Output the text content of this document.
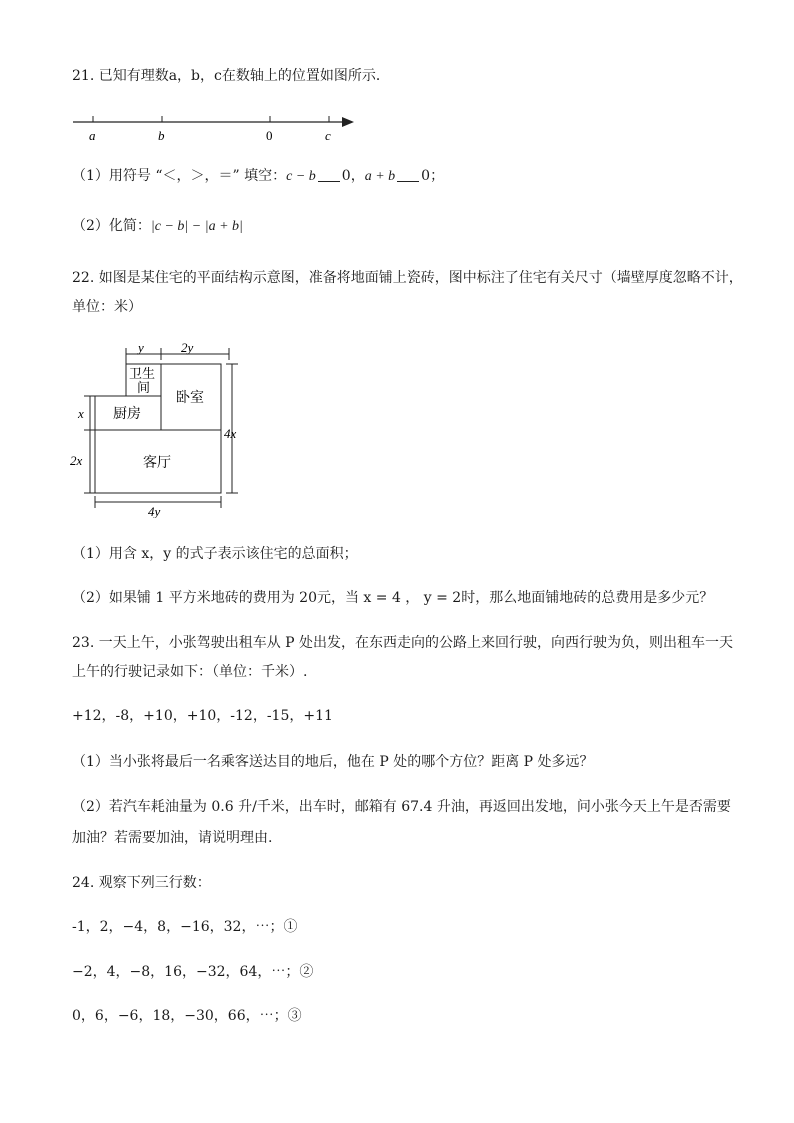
21. 已知有理数a，b，c在数轴上的位置如图所示．
a	b	0	c
（1）用符号 “＜，＞，＝” 填空：c − b 0，a + b 0；
（2）化简：|c − b| − |a + b|
22. 如图是某住宅的平面结构示意图，准备将地面铺上瓷砖，图中标注了住宅有关尺寸（墙壁厚度忽略不计，
单位：米）
y	2y
卫生
间
卧室
厨房
客厅
x
2x
4x
4y
（1）用含 x，y 的式子表示该住宅的总面积；
（2）如果铺 1 平方米地砖的费用为 20元，当 x = 4 ， y = 2时，那么地面铺地砖的总费用是多少元？
23. 一天上午，小张驾驶出租车从 P 处出发，在东西走向的公路上来回行驶，向西行驶为负，则出租车一天
上午的行驶记录如下：（单位：千米）.
+12，-8，+10，+10，-12，-15，+11
（1）当小张将最后一名乘客送达目的地后，他在 P 处的哪个方位？距离 P 处多远？
（2）若汽车耗油量为 0.6 升/千米，出车时，邮箱有 67.4 升油，再返回出发地，问小张今天上午是否需要
加油？若需要加油，请说明理由.
24. 观察下列三行数：
-1，2，−4，8，−16，32，⋯；①
−2，4，−8，16，−32，64，⋯；②
0，6，−6，18，−30，66，⋯；③
